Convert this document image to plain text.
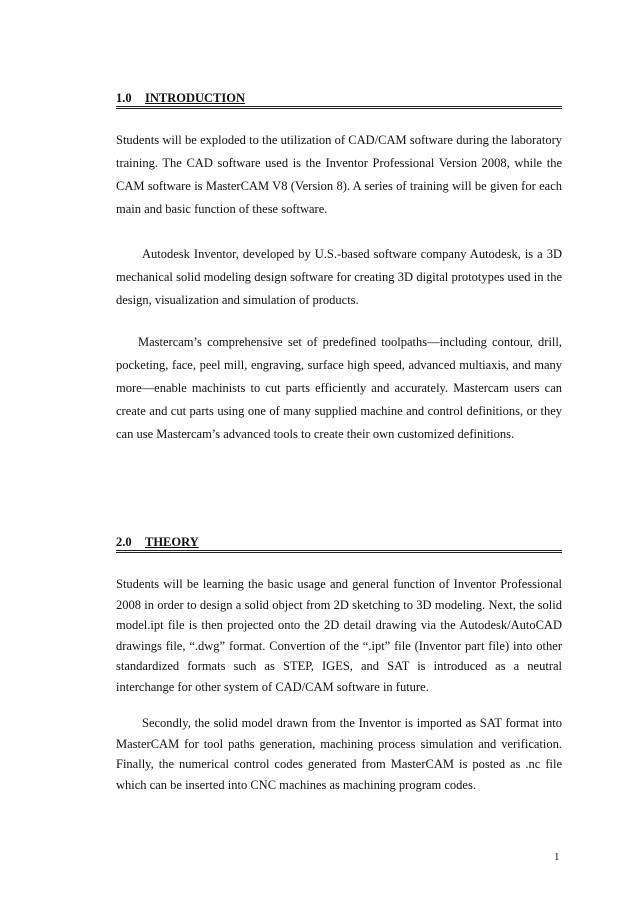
1.0 INTRODUCTION

Students will be exploded to the utilization of CAD/CAM software during the laboratory training. The CAD software used is the Inventor Professional Version 2008, while the CAM software is MasterCAM V8 (Version 8). A series of training will be given for each main and basic function of these software.

Autodesk Inventor, developed by U.S.-based software company Autodesk, is a 3D mechanical solid modeling design software for creating 3D digital prototypes used in the design, visualization and simulation of products.

Mastercam’s comprehensive set of predefined toolpaths—including contour, drill, pocketing, face, peel mill, engraving, surface high speed, advanced multiaxis, and many more—enable machinists to cut parts efficiently and accurately. Mastercam users can create and cut parts using one of many supplied machine and control definitions, or they can use Mastercam’s advanced tools to create their own customized definitions.

2.0 THEORY

Students will be learning the basic usage and general function of Inventor Professional 2008 in order to design a solid object from 2D sketching to 3D modeling. Next, the solid model.ipt file is then projected onto the 2D detail drawing via the Autodesk/AutoCAD drawings file, “.dwg” format. Convertion of the “.ipt” file (Inventor part file) into other standardized formats such as STEP, IGES, and SAT is introduced as a neutral interchange for other system of CAD/CAM software in future.

Secondly, the solid model drawn from the Inventor is imported as SAT format into MasterCAM for tool paths generation, machining process simulation and verification. Finally, the numerical control codes generated from MasterCAM is posted as .nc file which can be inserted into CNC machines as machining program codes.

1
